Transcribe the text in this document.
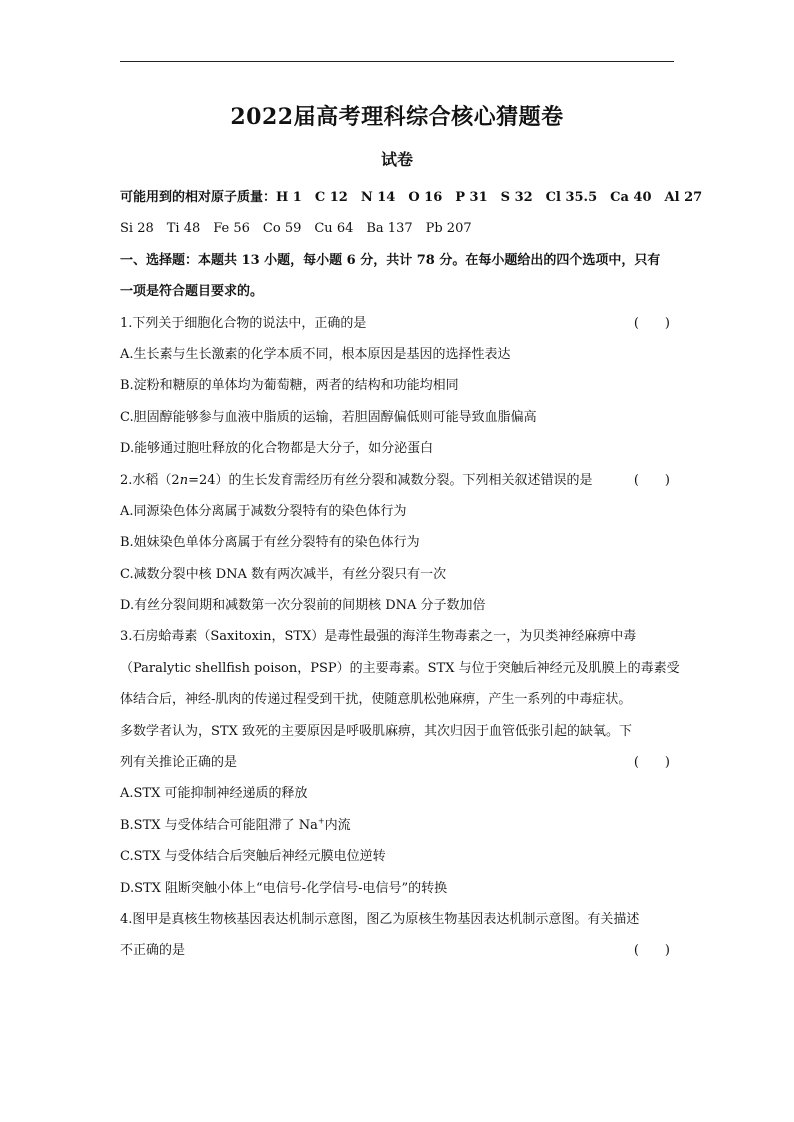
2022届高考理科综合核心猜题卷
试卷
可能用到的相对原子质量：H 1　C 12　N 14　O 16　P 31　S 32　Cl 35.5　Ca 40　Al 27
Si 28　Ti 48　Fe 56　Co 59　Cu 64　Ba 137　Pb 207
一、选择题：本题共 13 小题，每小题 6 分，共计 78 分。在每小题给出的四个选项中，只有
一项是符合题目要求的。
1.下列关于细胞化合物的说法中，正确的是	(　　)
A.生长素与生长激素的化学本质不同，根本原因是基因的选择性表达
B.淀粉和糖原的单体均为葡萄糖，两者的结构和功能均相同
C.胆固醇能够参与血液中脂质的运输，若胆固醇偏低则可能导致血脂偏高
D.能够通过胞吐释放的化合物都是大分子，如分泌蛋白
2.水稻（2n=24）的生长发育需经历有丝分裂和减数分裂。下列相关叙述错误的是	(　　)
A.同源染色体分离属于减数分裂特有的染色体行为
B.姐妹染色单体分离属于有丝分裂特有的染色体行为
C.减数分裂中核 DNA 数有两次减半，有丝分裂只有一次
D.有丝分裂间期和减数第一次分裂前的间期核 DNA 分子数加倍
3.石房蛤毒素（Saxitoxin，STX）是毒性最强的海洋生物毒素之一，为贝类神经麻痹中毒
（Paralytic shellfish poison，PSP）的主要毒素。STX 与位于突触后神经元及肌膜上的毒素受
体结合后，神经-肌肉的传递过程受到干扰，使随意肌松弛麻痹，产生一系列的中毒症状。
多数学者认为，STX 致死的主要原因是呼吸肌麻痹，其次归因于血管低张引起的缺氧。下
列有关推论正确的是	(　　)
A.STX 可能抑制神经递质的释放
B.STX 与受体结合可能阻滞了 Na+内流
C.STX 与受体结合后突触后神经元膜电位逆转
D.STX 阻断突触小体上“电信号-化学信号-电信号”的转换
4.图甲是真核生物核基因表达机制示意图，图乙为原核生物基因表达机制示意图。有关描述
不正确的是	(　　)
